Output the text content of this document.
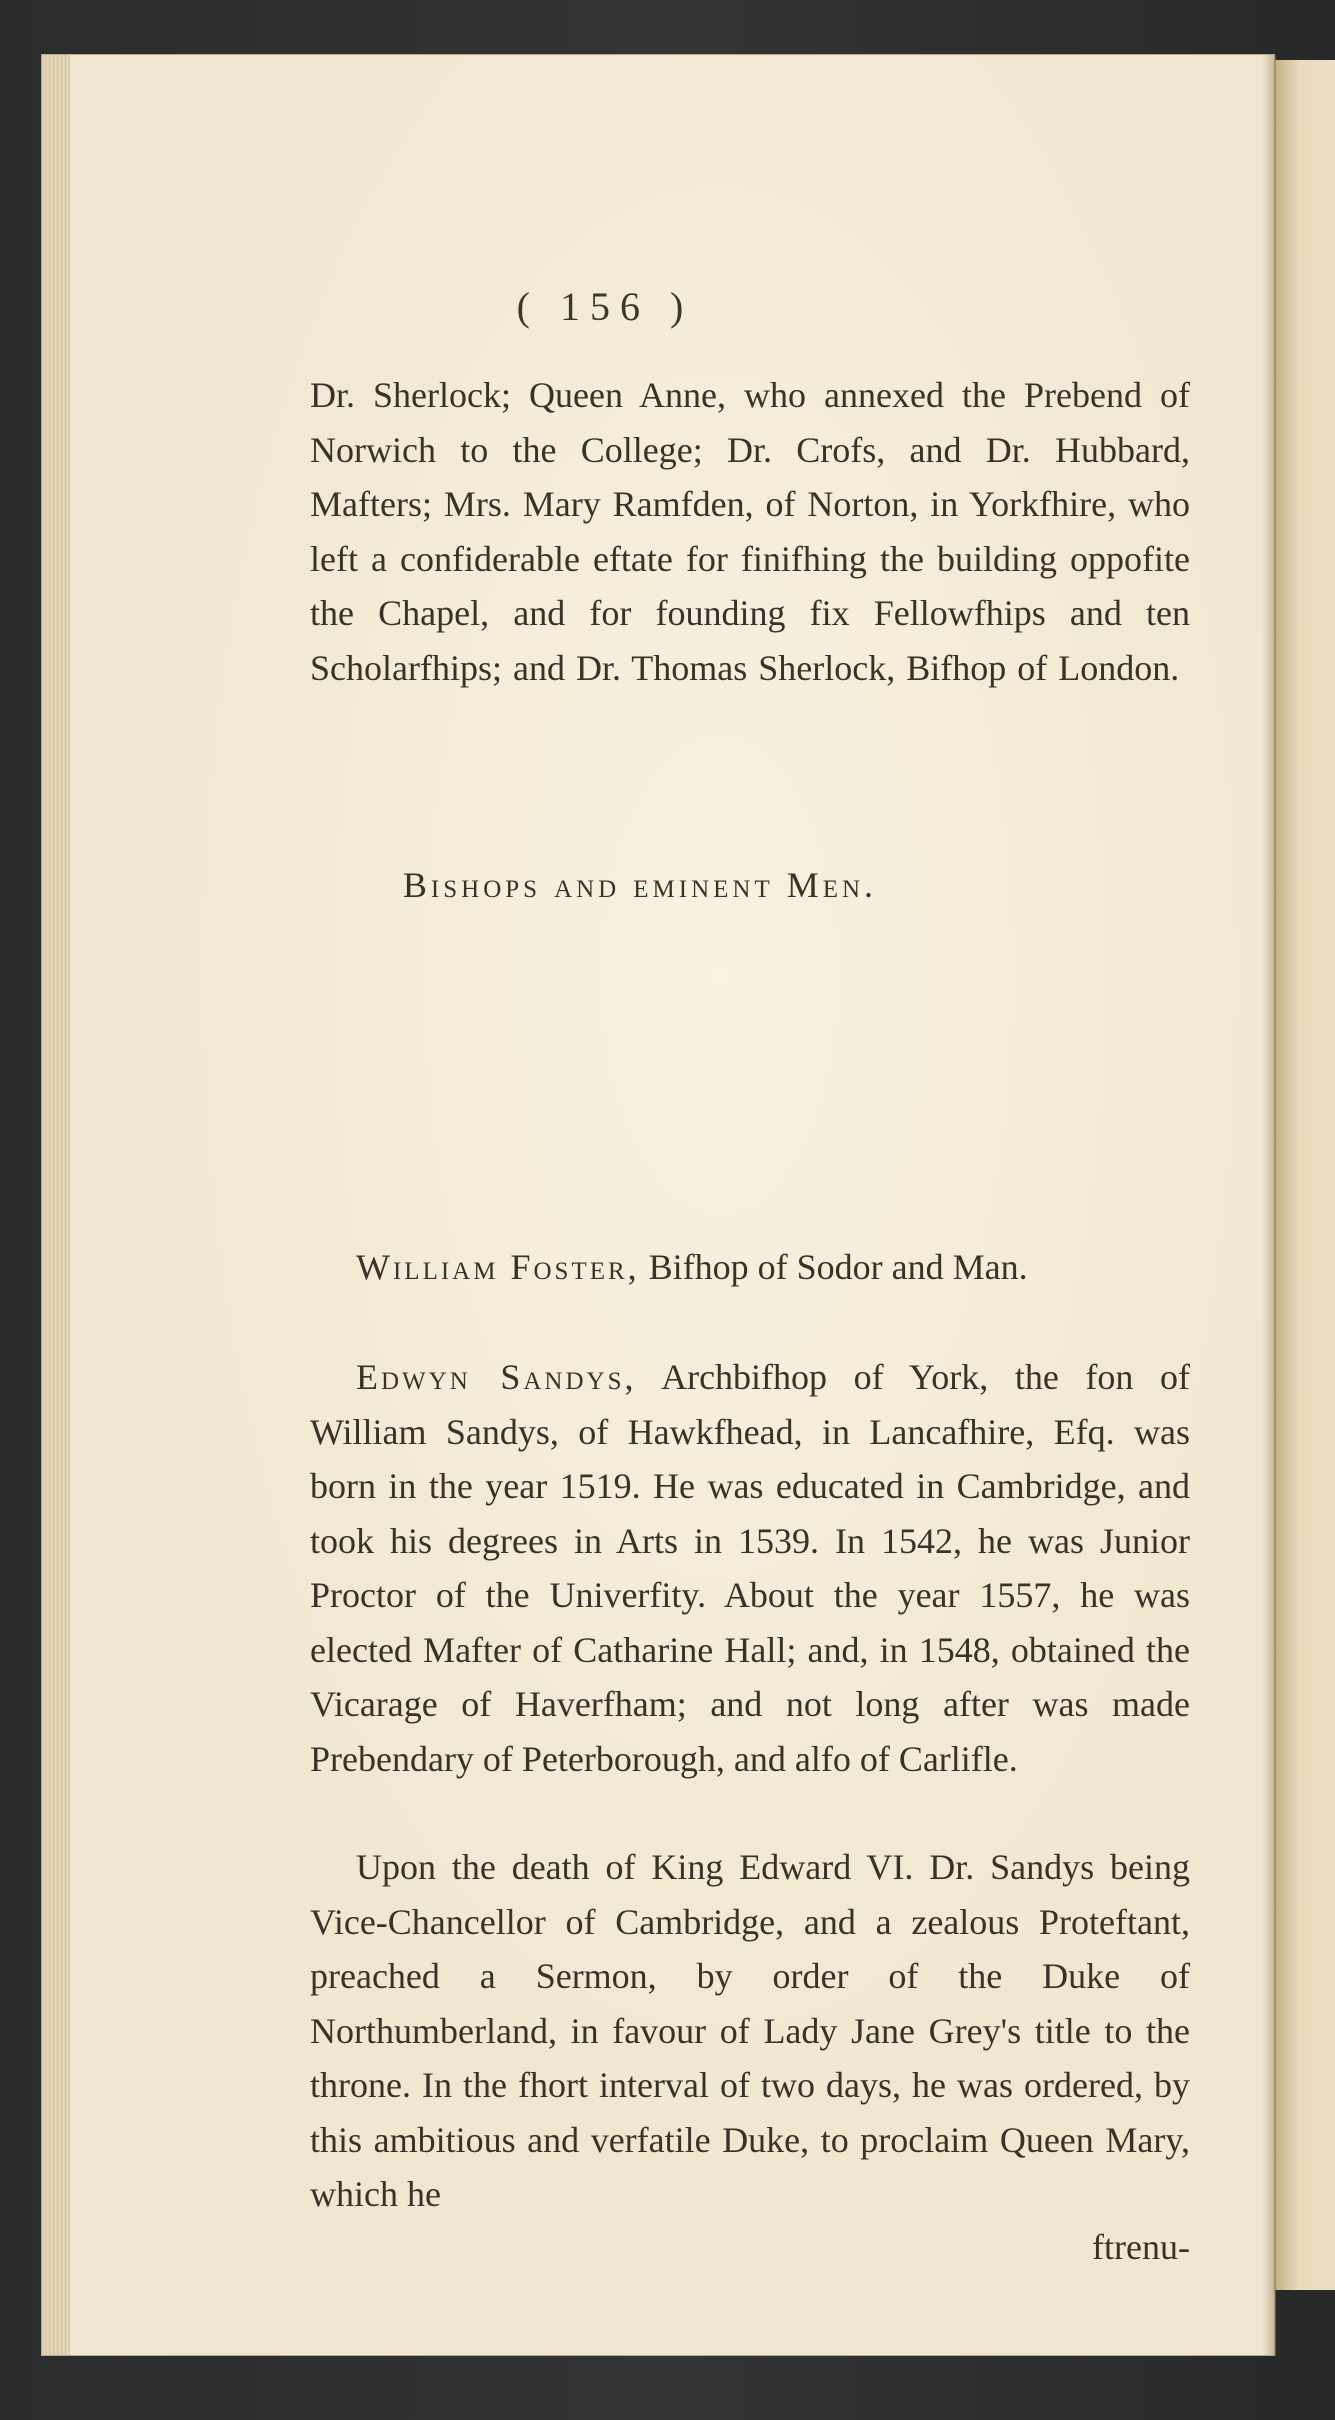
( 156 )

Dr. Sherlock; Queen Anne, who annexed the Prebend of Norwich to the College; Dr. Crofs, and Dr. Hubbard, Mafters; Mrs. Mary Ramfden, of Norton, in Yorkfhire, who left a confiderable eftate for finifhing the building oppofite the Chapel, and for founding fix Fellowfhips and ten Scholarfhips; and Dr. Thomas Sherlock, Bifhop of London.

Bishops and eminent Men.

William Foster, Bifhop of Sodor and Man.

Edwyn Sandys, Archbifhop of York, the fon of William Sandys, of Hawkfhead, in Lancafhire, Efq. was born in the year 1519. He was educated in Cambridge, and took his degrees in Arts in 1539. In 1542, he was Junior Proctor of the Univerfity. About the year 1557, he was elected Mafter of Catharine Hall; and, in 1548, obtained the Vicarage of Haverfham; and not long after was made Prebendary of Peterborough, and alfo of Carlifle.

Upon the death of King Edward VI. Dr. Sandys being Vice-Chancellor of Cambridge, and a zealous Proteftant, preached a Sermon, by order of the Duke of Northumberland, in favour of Lady Jane Grey's title to the throne. In the fhort interval of two days, he was ordered, by this ambitious and verfatile Duke, to proclaim Queen Mary, which he

ftrenu-
